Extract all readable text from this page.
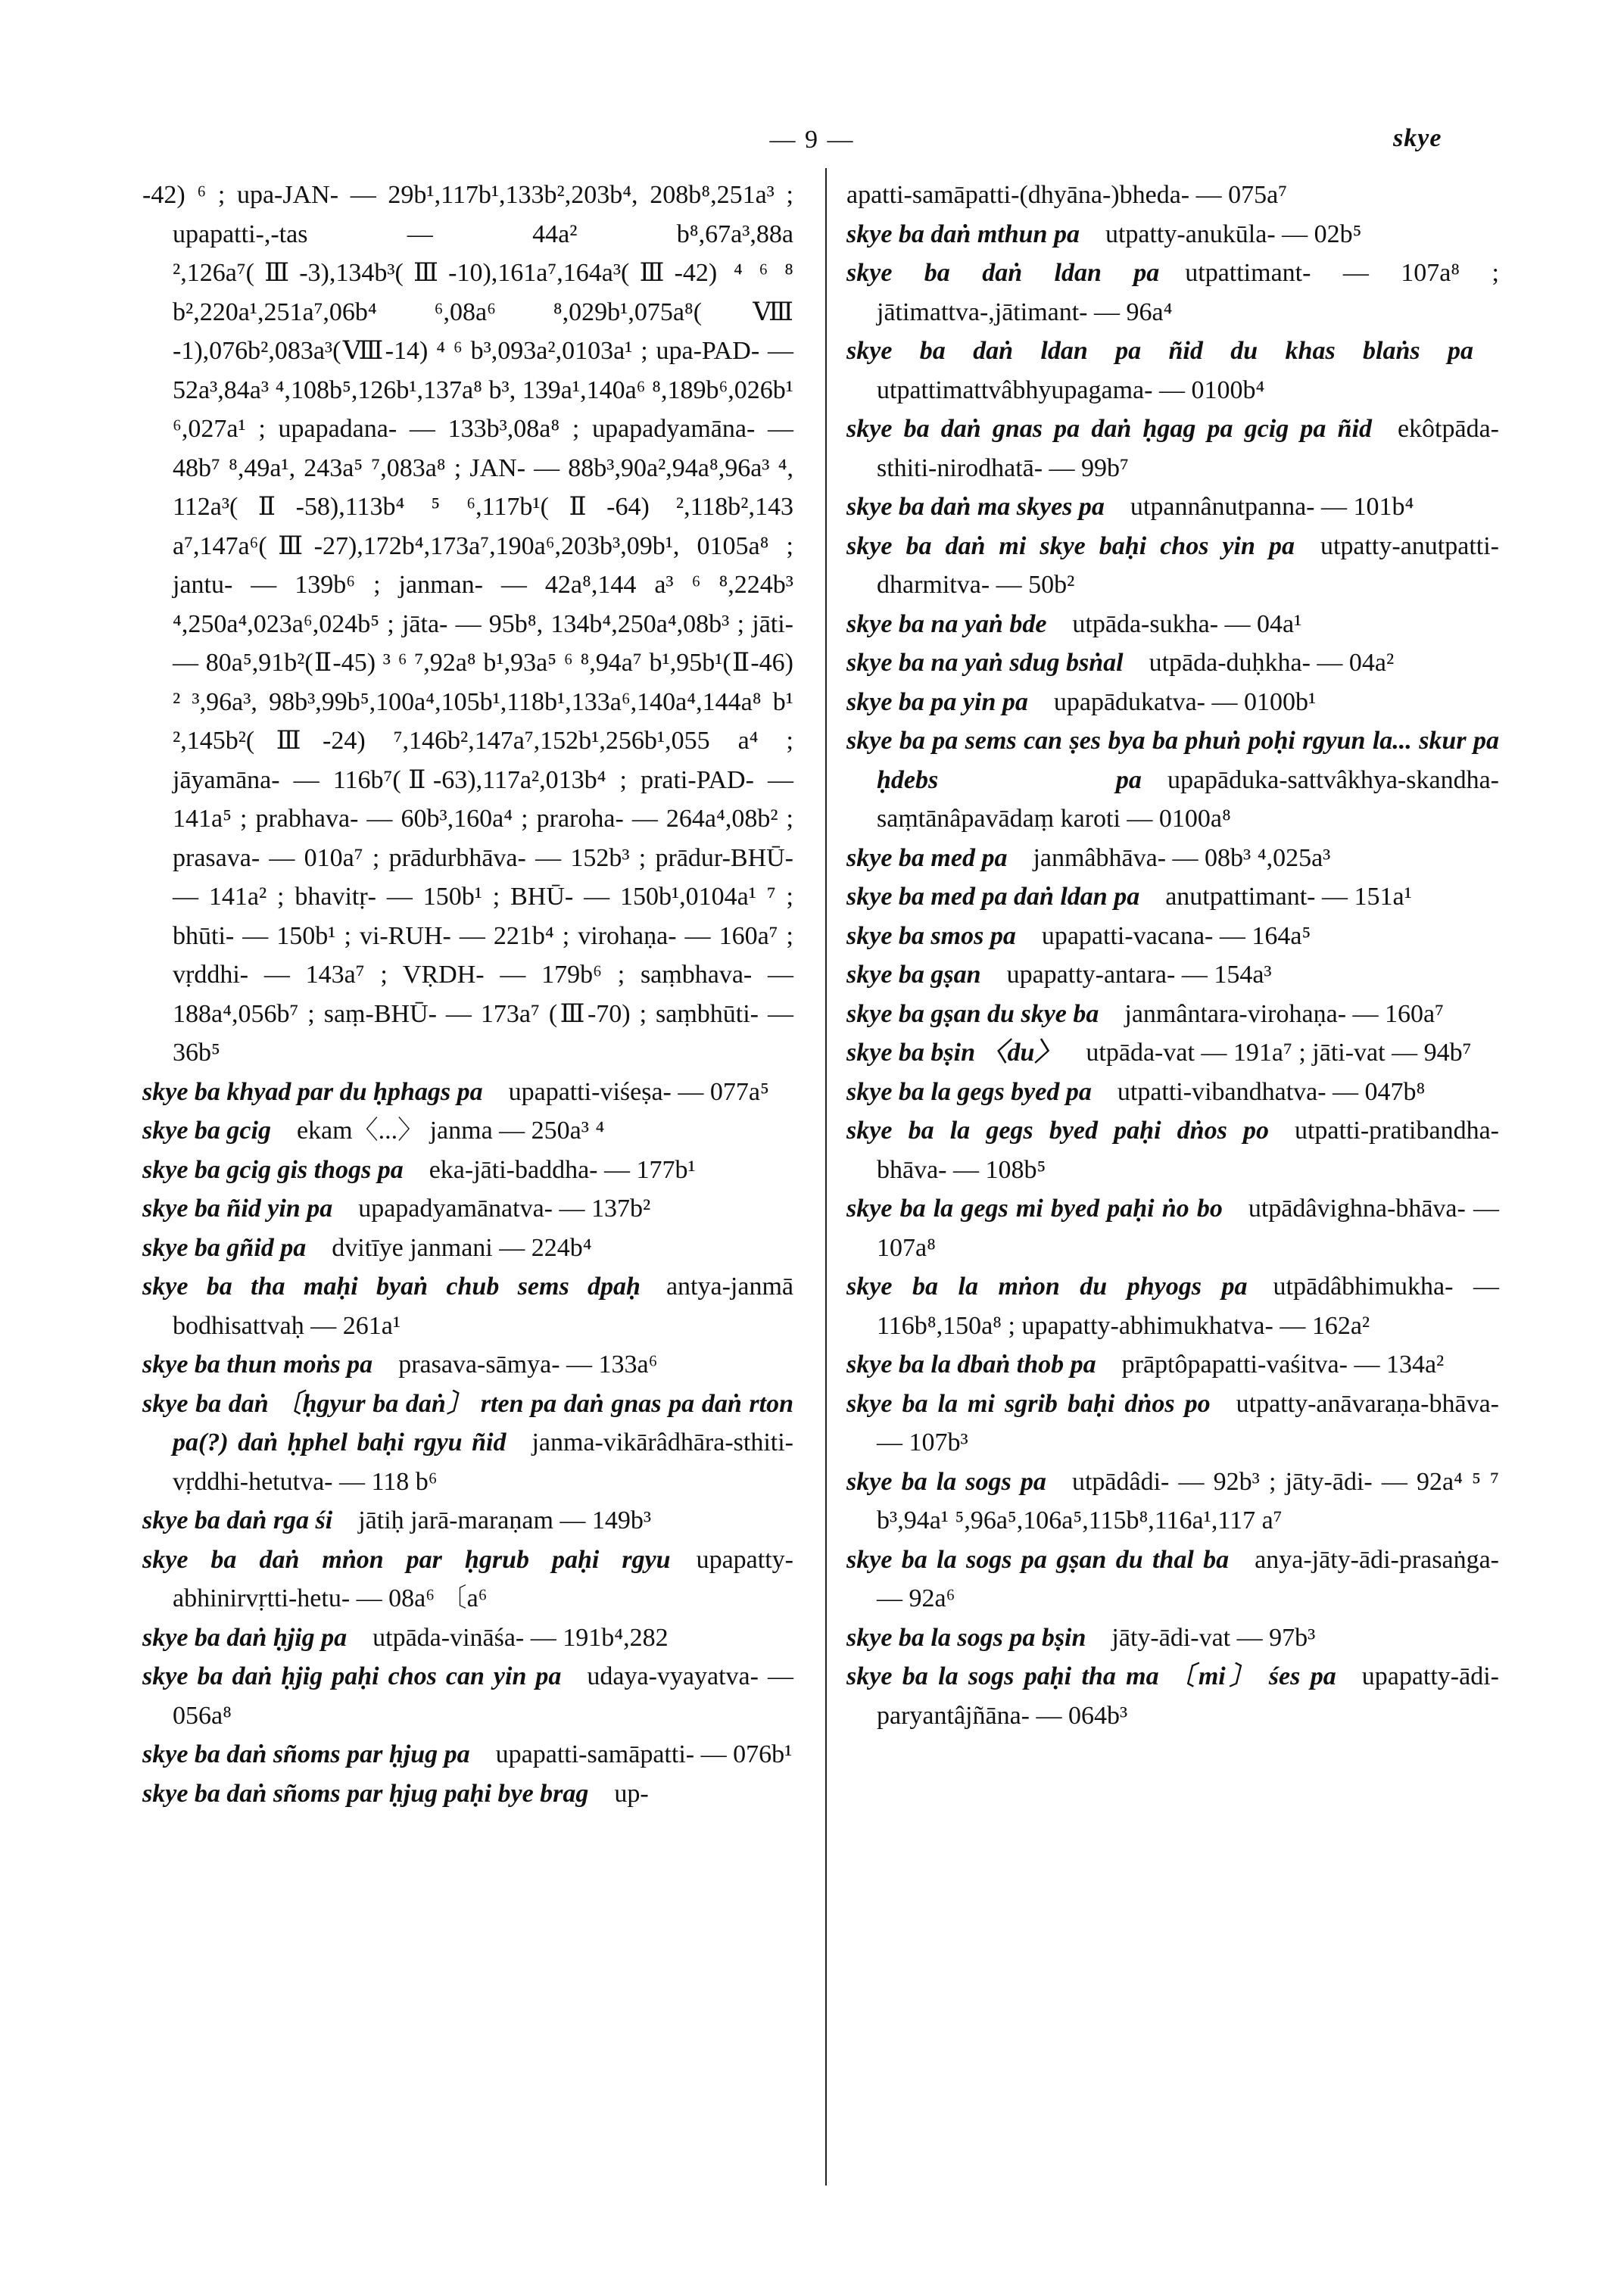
— 9 —	skye

-42) ⁶ ; upa-JAN- — 29b¹,117b¹,133b²,203b⁴, 208b⁸,251a³ ; upapatti-,-tas — 44a² b⁸,67a³,88a ²,126a⁷(Ⅲ-3),134b³(Ⅲ-10),161a⁷,164a³(Ⅲ-42) ⁴ ⁶ ⁸ b²,220a¹,251a⁷,06b⁴ ⁶,08a⁶ ⁸,029b¹,075a⁸(Ⅷ -1),076b²,083a³(Ⅷ-14) ⁴ ⁶ b³,093a²,0103a¹ ; upa-PAD- — 52a³,84a³ ⁴,108b⁵,126b¹,137a⁸ b³, 139a¹,140a⁶ ⁸,189b⁶,026b¹ ⁶,027a¹ ; upapadana- — 133b³,08a⁸ ; upapadyamāna- — 48b⁷ ⁸,49a¹, 243a⁵ ⁷,083a⁸ ; JAN- — 88b³,90a²,94a⁸,96a³ ⁴, 112a³(Ⅱ-58),113b⁴ ⁵ ⁶,117b¹(Ⅱ-64) ²,118b²,143 a⁷,147a⁶(Ⅲ-27),172b⁴,173a⁷,190a⁶,203b³,09b¹, 0105a⁸ ; jantu- — 139b⁶ ; janman- — 42a⁸,144 a³ ⁶ ⁸,224b³ ⁴,250a⁴,023a⁶,024b⁵ ; jāta- — 95b⁸, 134b⁴,250a⁴,08b³ ; jāti- — 80a⁵,91b²(Ⅱ-45) ³ ⁶ ⁷,92a⁸ b¹,93a⁵ ⁶ ⁸,94a⁷ b¹,95b¹(Ⅱ-46) ² ³,96a³, 98b³,99b⁵,100a⁴,105b¹,118b¹,133a⁶,140a⁴,144a⁸ b¹ ²,145b²(Ⅲ-24) ⁷,146b²,147a⁷,152b¹,256b¹,055 a⁴ ; jāyamāna- — 116b⁷(Ⅱ-63),117a²,013b⁴ ; prati-PAD- — 141a⁵ ; prabhava- — 60b³,160a⁴ ; praroha- — 264a⁴,08b² ; prasava- — 010a⁷ ; prādurbhāva- — 152b³ ; prādur-BHŪ- — 141a² ; bhavitṛ- — 150b¹ ; BHŪ- — 150b¹,0104a¹ ⁷ ; bhūti- — 150b¹ ; vi-RUH- — 221b⁴ ; virohaṇa- — 160a⁷ ; vṛddhi- — 143a⁷ ; VṚDH- — 179b⁶ ; saṃbhava- — 188a⁴,056b⁷ ; saṃ-BHŪ- — 173a⁷ (Ⅲ-70) ; saṃbhūti- — 36b⁵

skye ba khyad par du ḥphags pa  upapatti-viśeṣa- — 077a⁵

skye ba gcig  ekam〈...〉 janma — 250a³ ⁴

skye ba gcig gis thogs pa  eka-jāti-baddha- — 177b¹

skye ba ñid yin pa  upapadyamānatva- — 137b²

skye ba gñid pa  dvitīye janmani — 224b⁴

skye ba tha maḥi byaṅ chub sems dpaḥ  antya-janmā bodhisattvaḥ — 261a¹

skye ba thun moṅs pa  prasava-sāmya- — 133a⁶

skye ba daṅ 〔ḥgyur ba daṅ〕 rten pa daṅ gnas pa daṅ rton pa(?) daṅ ḥphel baḥi rgyu ñid  janma-vikārâdhāra-sthiti-vṛddhi-hetutva- — 118 b⁶

skye ba daṅ rga śi  jātiḥ jarā-maraṇam — 149b³

skye ba daṅ mṅon par ḥgrub paḥi rgyu  upapatty-abhinirvṛtti-hetu- — 08a⁶ 〔a⁶

skye ba daṅ ḥjig pa  utpāda-vināśa- — 191b⁴,282

skye ba daṅ ḥjig paḥi chos can yin pa  udaya-vyayatva- — 056a⁸

skye ba daṅ sñoms par ḥjug pa  upapatti-samāpatti- — 076b¹

skye ba daṅ sñoms par ḥjug paḥi bye brag  up-

apatti-samāpatti-(dhyāna-)bheda- — 075a⁷

skye ba daṅ mthun pa  utpatty-anukūla- — 02b⁵

skye ba daṅ ldan pa  utpattimant- — 107a⁸ ; jātimattva-,jātimant- — 96a⁴

skye ba daṅ ldan pa ñid du khas blaṅs pa utpattimattvâbhyupagama- — 0100b⁴

skye ba daṅ gnas pa daṅ ḥgag pa gcig pa ñid  ekôtpāda-sthiti-nirodhatā- — 99b⁷

skye ba daṅ ma skyes pa  utpannânutpanna- — 101b⁴

skye ba daṅ mi skye baḥi chos yin pa  utpatty-anutpatti-dharmitva- — 50b²

skye ba na yaṅ bde  utpāda-sukha- — 04a¹

skye ba na yaṅ sdug bsṅal  utpāda-duḥkha- — 04a²

skye ba pa yin pa  upapādukatva- — 0100b¹

skye ba pa sems can ṣes bya ba phuṅ poḥi rgyun la... skur pa ḥdebs pa  upapāduka-sattvâkhya-skandha-saṃtānâpavādaṃ karoti — 0100a⁸

skye ba med pa  janmâbhāva- — 08b³ ⁴,025a³

skye ba med pa daṅ ldan pa  anutpattimant- — 151a¹

skye ba smos pa  upapatti-vacana- — 164a⁵

skye ba gṣan  upapatty-antara- — 154a³

skye ba gṣan du skye ba  janmântara-virohaṇa- — 160a⁷

skye ba bṣin 〈du〉  utpāda-vat — 191a⁷ ; jāti-vat — 94b⁷

skye ba la gegs byed pa  utpatti-vibandhatva- — 047b⁸

skye ba la gegs byed paḥi dṅos po  utpatti-pratibandha-bhāva- — 108b⁵

skye ba la gegs mi byed paḥi ṅo bo  utpādâvighna-bhāva- — 107a⁸

skye ba la mṅon du phyogs pa  utpādâbhimukha- — 116b⁸,150a⁸ ; upapatty-abhimukhatva- — 162a²

skye ba la dbaṅ thob pa  prāptôpapatti-vaśitva- — 134a²

skye ba la mi sgrib baḥi dṅos po  utpatty-anāvaraṇa-bhāva- — 107b³

skye ba la sogs pa  utpādâdi- — 92b³ ; jāty-ādi- — 92a⁴ ⁵ ⁷ b³,94a¹ ⁵,96a⁵,106a⁵,115b⁸,116a¹,117 a⁷

skye ba la sogs pa gṣan du thal ba  anya-jāty-ādi-prasaṅga- — 92a⁶

skye ba la sogs pa bṣin  jāty-ādi-vat — 97b³

skye ba la sogs paḥi tha ma 〔mi〕 śes pa  upapatty-ādi-paryantâjñāna- — 064b³
